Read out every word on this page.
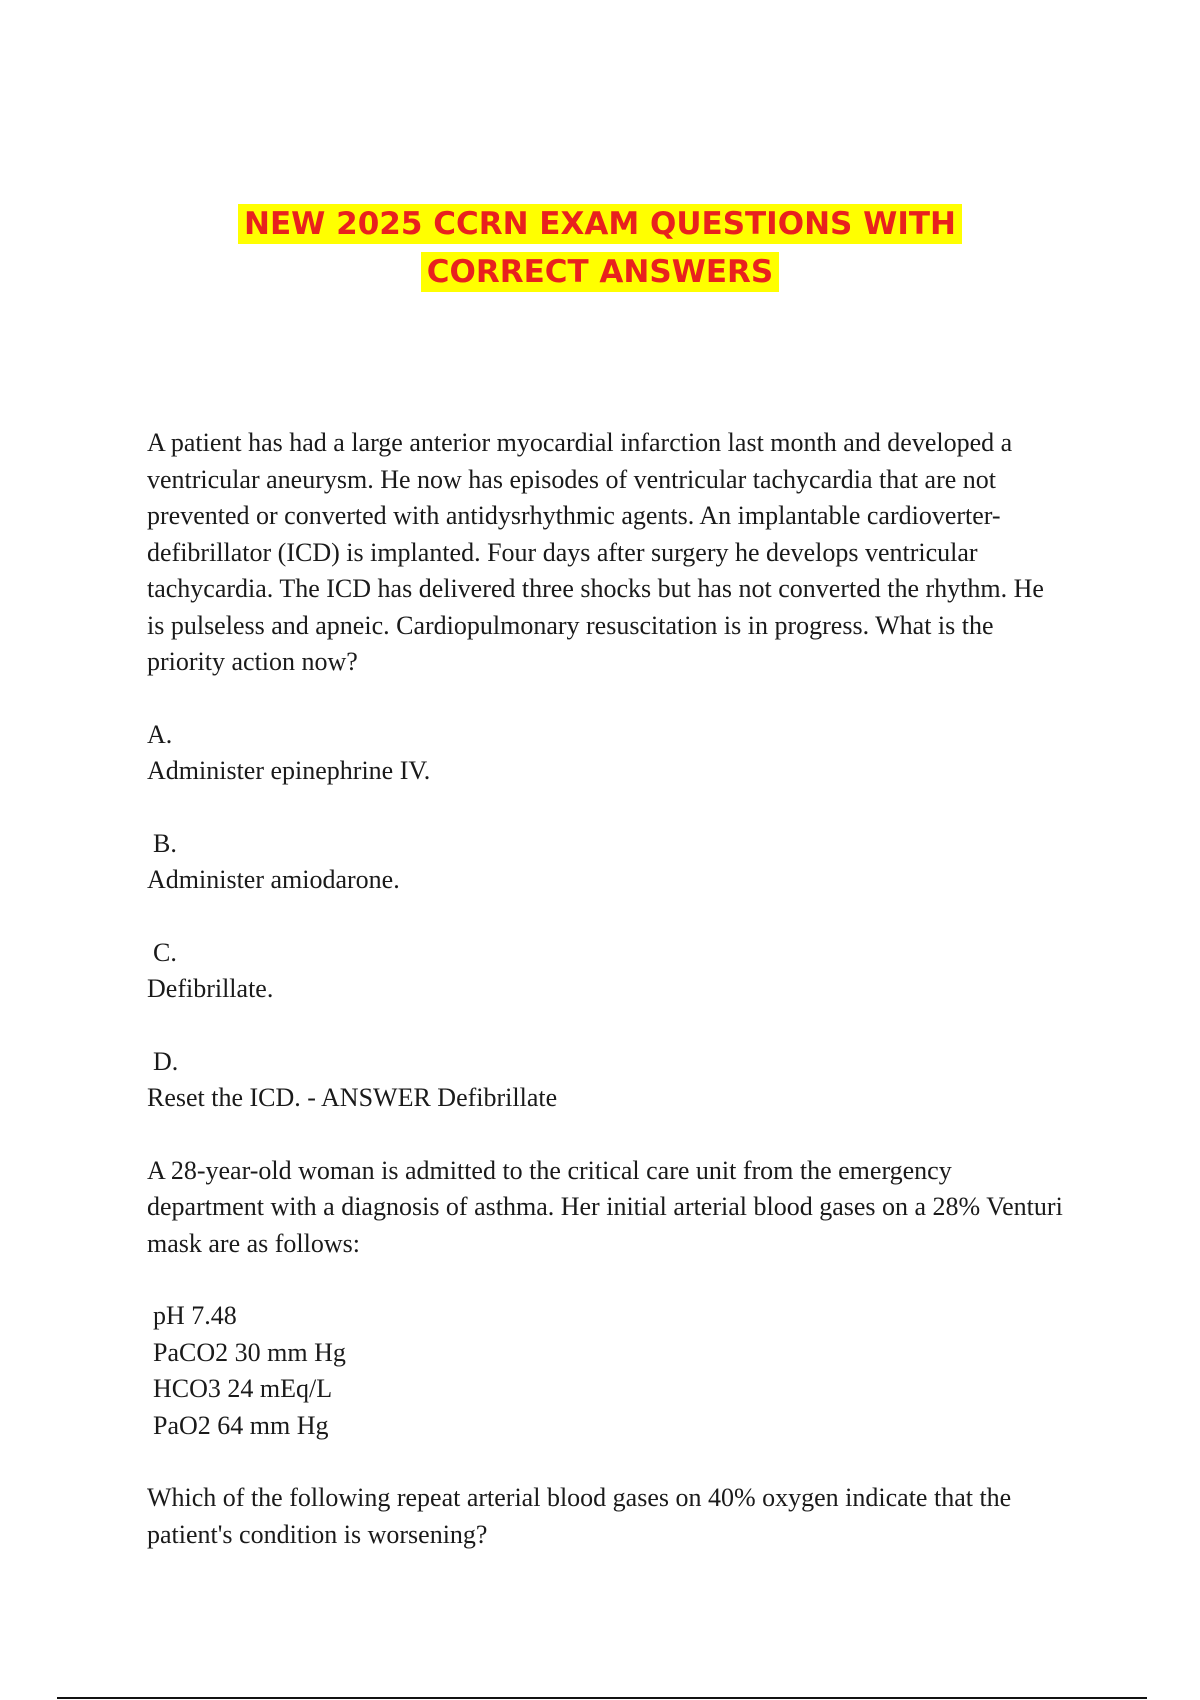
NEW 2025 CCRN EXAM QUESTIONS WITH
CORRECT ANSWERS

A patient has had a large anterior myocardial infarction last month and developed a ventricular aneurysm. He now has episodes of ventricular tachycardia that are not prevented or converted with antidysrhythmic agents. An implantable cardioverter-defibrillator (ICD) is implanted. Four days after surgery he develops ventricular tachycardia. The ICD has delivered three shocks but has not converted the rhythm. He is pulseless and apneic. Cardiopulmonary resuscitation is in progress. What is the priority action now?

A.
Administer epinephrine IV.
B.
Administer amiodarone.
C.
Defibrillate.
D.
Reset the ICD. - ANSWER Defibrillate

A 28-year-old woman is admitted to the critical care unit from the emergency department with a diagnosis of asthma. Her initial arterial blood gases on a 28% Venturi mask are as follows:

pH 7.48
PaCO2 30 mm Hg
HCO3 24 mEq/L
PaO2 64 mm Hg

Which of the following repeat arterial blood gases on 40% oxygen indicate that the patient's condition is worsening?
